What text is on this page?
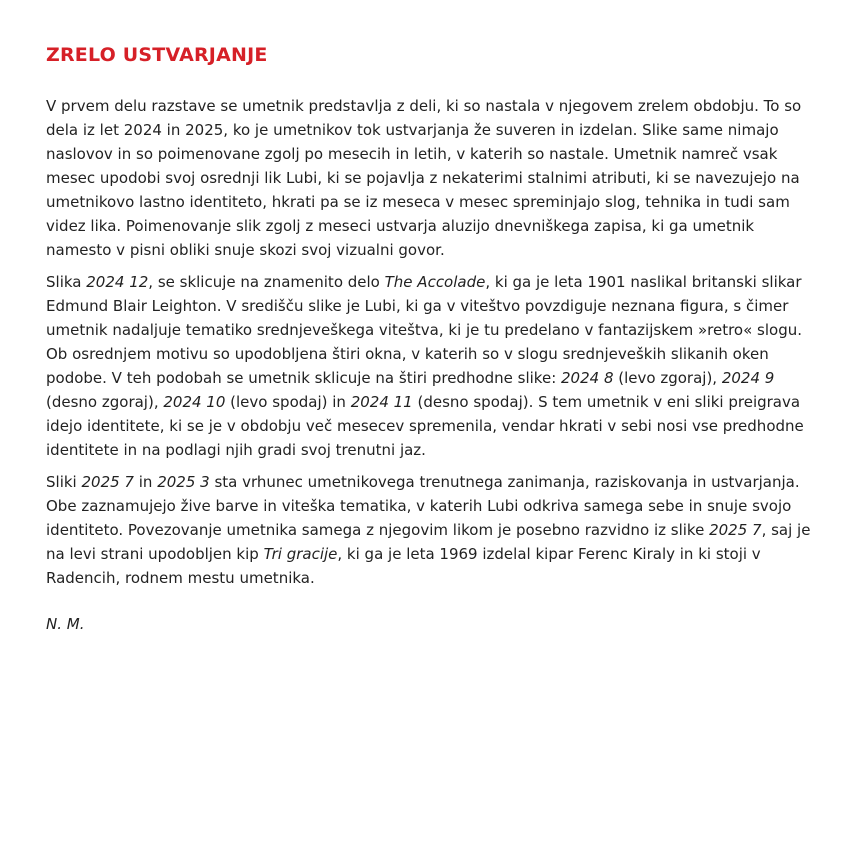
ZRELO USTVARJANJE

V prvem delu razstave se umetnik predstavlja z deli, ki so nastala v njegovem zrelem obdobju. To so dela iz let 2024 in 2025, ko je umetnikov tok ustvarjanja že suveren in izdelan. Slike same nimajo naslovov in so poimenovane zgolj po mesecih in letih, v katerih so nastale. Umetnik namreč vsak mesec upodobi svoj osrednji lik Lubi, ki se pojavlja z nekaterimi stalnimi atributi, ki se navezujejo na umetnikovo lastno identiteto, hkrati pa se iz meseca v mesec spreminjajo slog, tehnika in tudi sam videz lika. Poimenovanje slik zgolj z meseci ustvarja aluzijo dnevniškega zapisa, ki ga umetnik namesto v pisni obliki snuje skozi svoj vizualni govor.

Slika 2024 12, se sklicuje na znamenito delo The Accolade, ki ga je leta 1901 naslikal britanski slikar Edmund Blair Leighton. V središču slike je Lubi, ki ga v viteštvo povzdiguje neznana figura, s čimer umetnik nadaljuje tematiko srednjeveškega viteštva, ki je tu predelano v fantazijskem »retro« slogu. Ob osrednjem motivu so upodobljena štiri okna, v katerih so v slogu srednjeveških slikanih oken podobe. V teh podobah se umetnik sklicuje na štiri predhodne slike: 2024 8 (levo zgoraj), 2024 9 (desno zgoraj), 2024 10 (levo spodaj) in 2024 11 (desno spodaj). S tem umetnik v eni sliki preigrava idejo identitete, ki se je v obdobju več mesecev spremenila, vendar hkrati v sebi nosi vse predhodne identitete in na podlagi njih gradi svoj trenutni jaz.

Sliki 2025 7 in 2025 3 sta vrhunec umetnikovega trenutnega zanimanja, raziskovanja in ustvarjanja. Obe zaznamujejo žive barve in viteška tematika, v katerih Lubi odkriva samega sebe in snuje svojo identiteto. Povezovanje umetnika samega z njegovim likom je posebno razvidno iz slike 2025 7, saj je na levi strani upodobljen kip Tri gracije, ki ga je leta 1969 izdelal kipar Ferenc Kiraly in ki stoji v Radencih, rodnem mestu umetnika.

N. M.
